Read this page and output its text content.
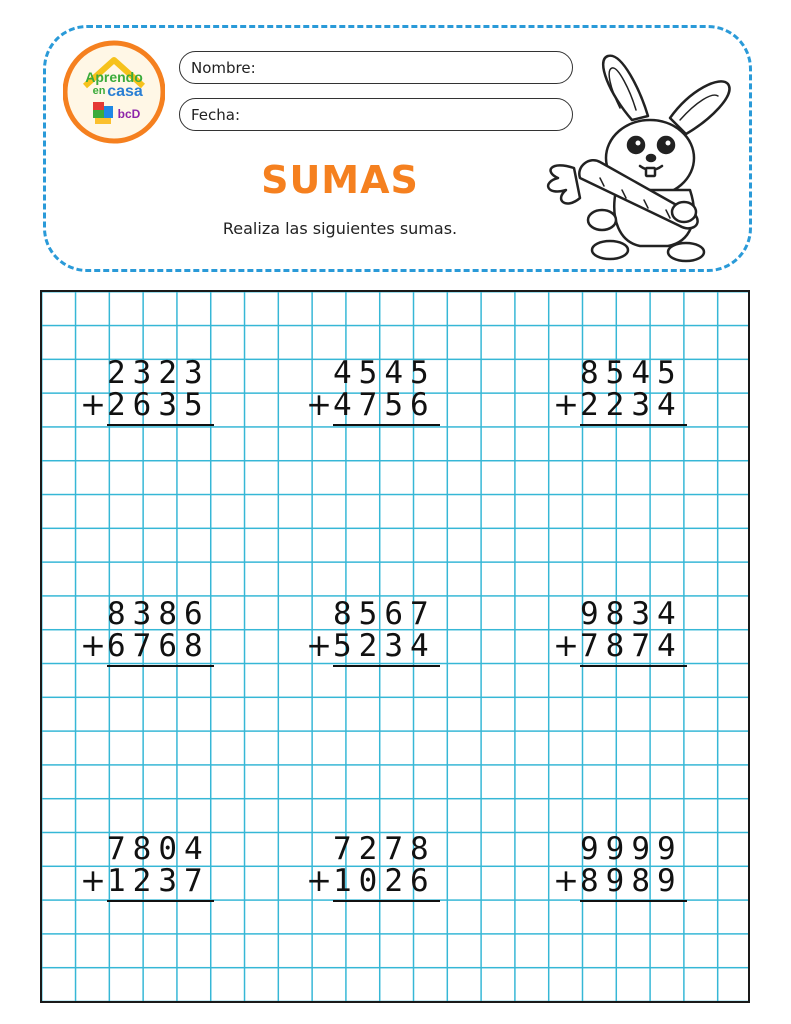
Aprendo
en casa
bcD
Nombre:
Fecha:
SUMAS
Realiza las siguientes sumas.
2323
+ 2635
4545
+ 4756
8545
+ 2234
8386
+ 6768
8567
+ 5234
9834
+ 7874
7804
+ 1237
7278
+ 1026
9999
+ 8989
